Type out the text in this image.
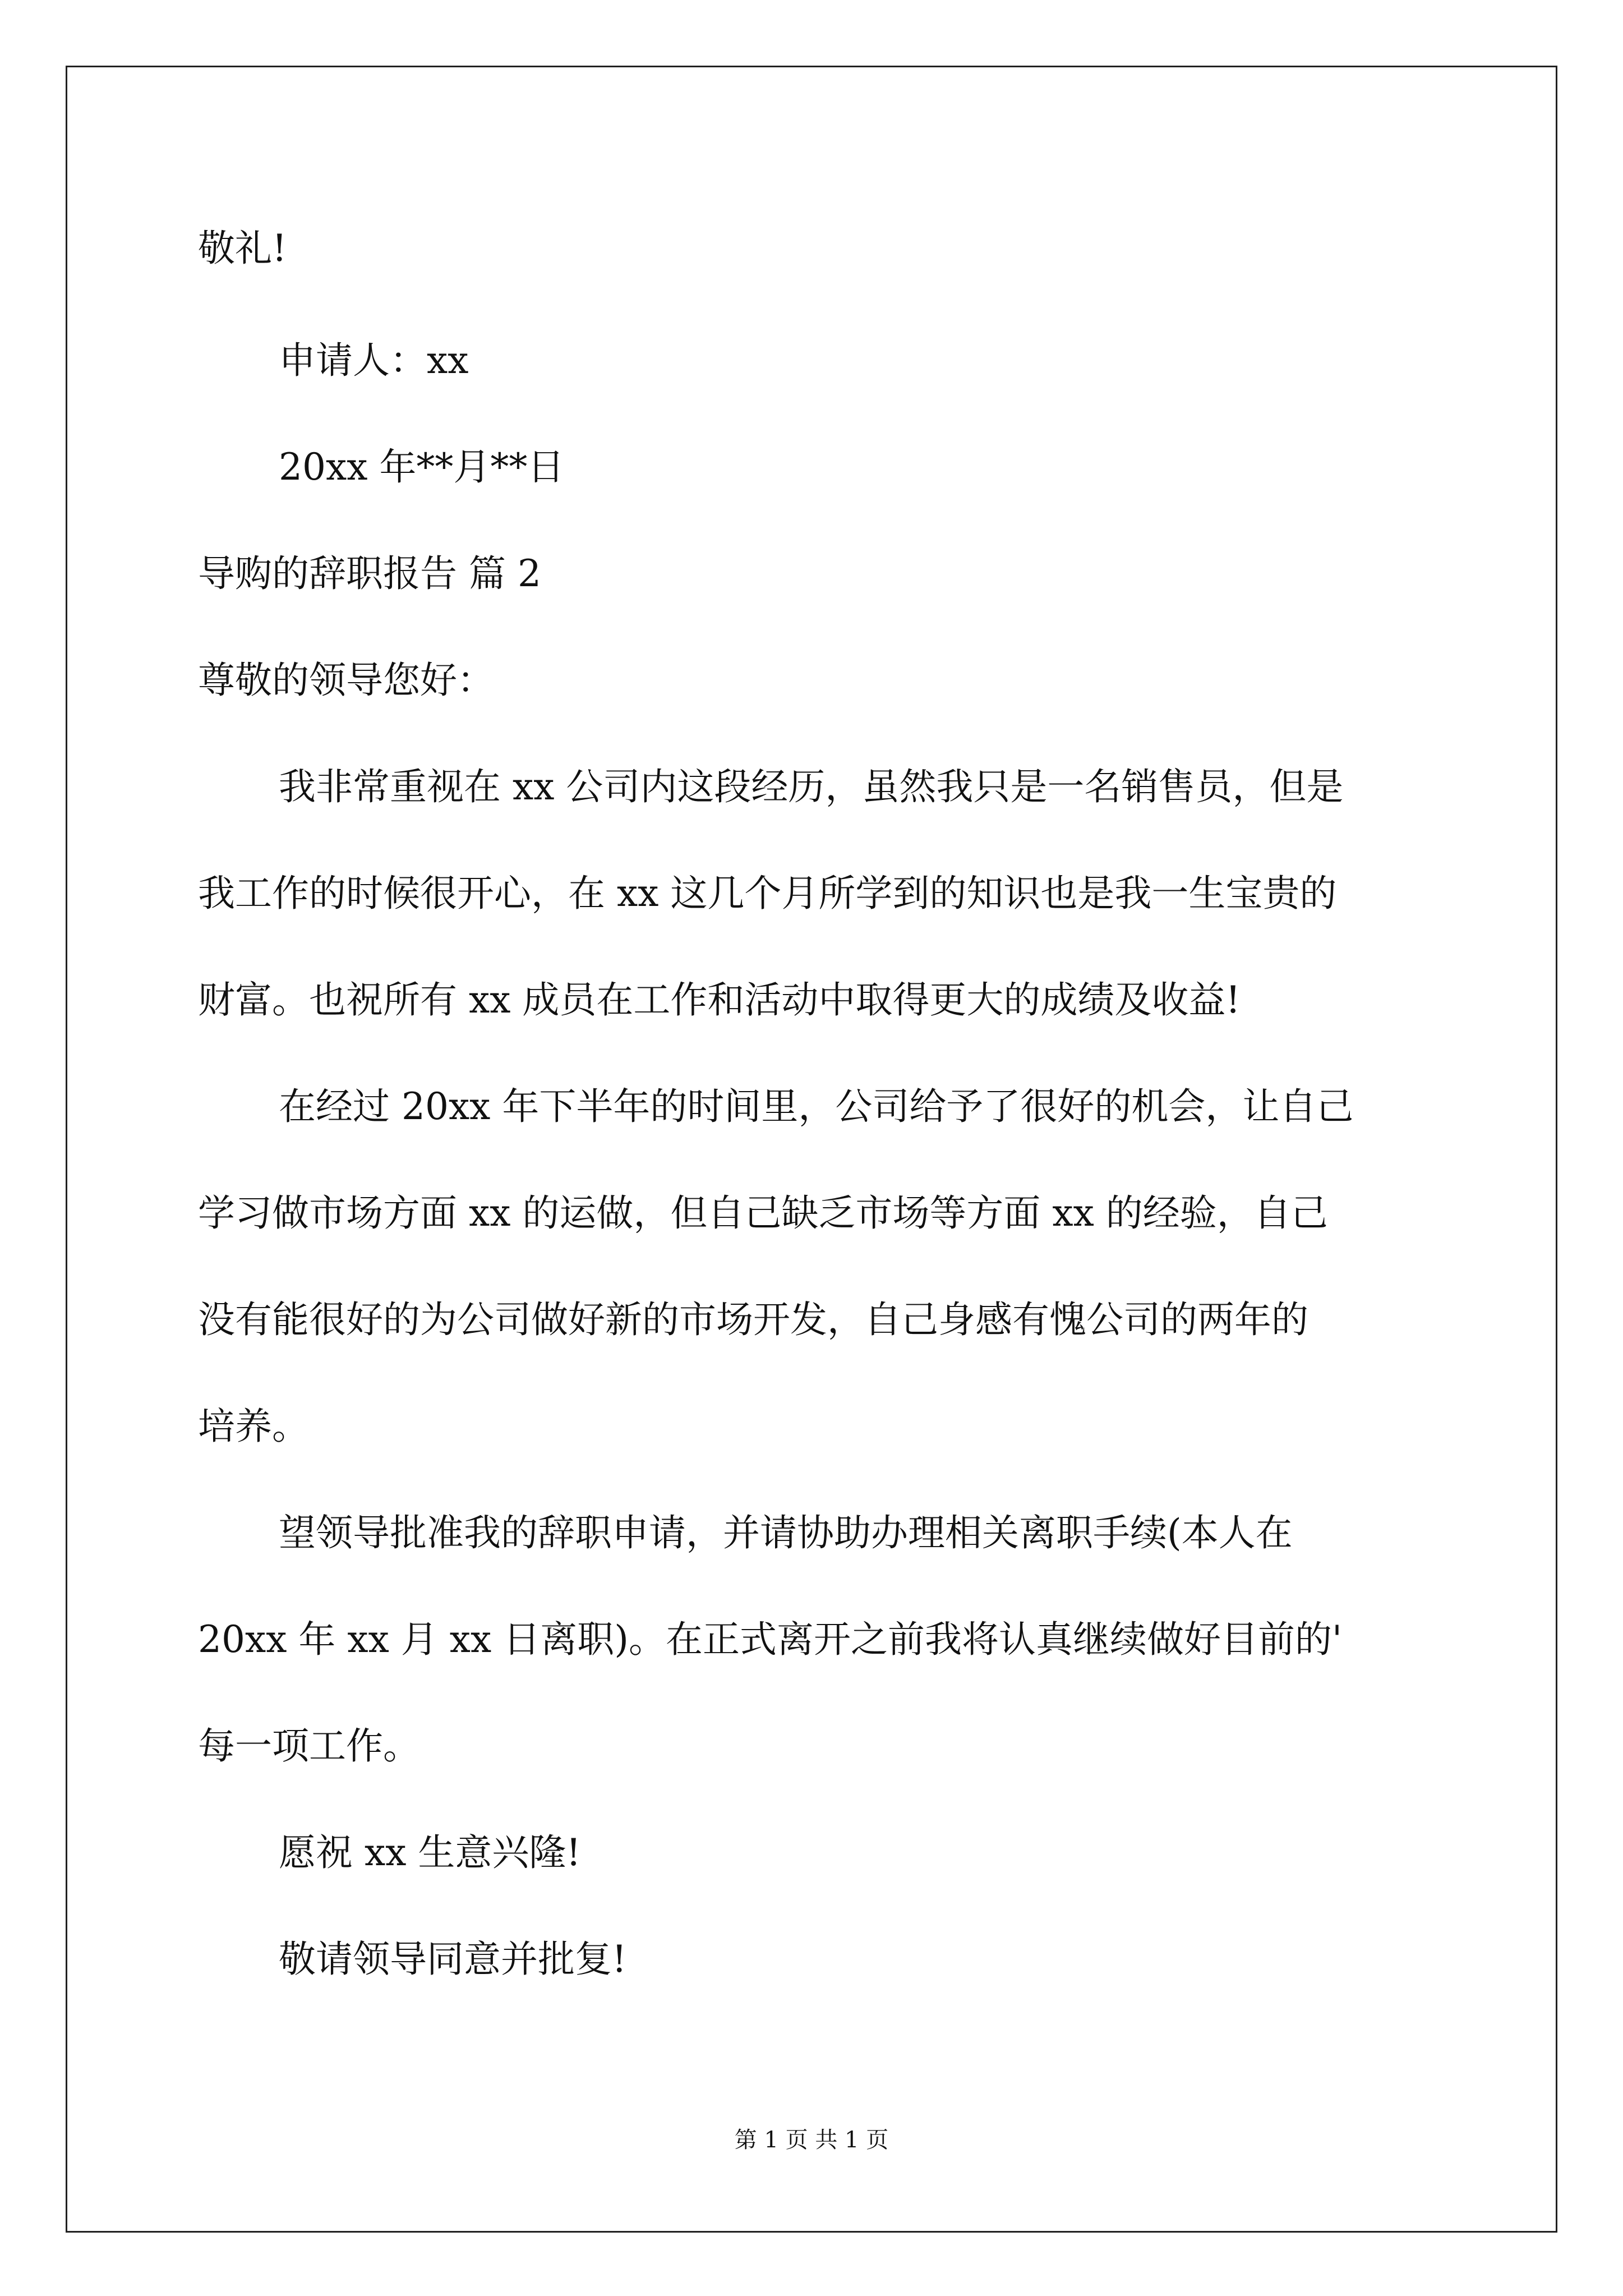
敬礼!
申请人：xx
20xx 年**月**日
导购的辞职报告 篇 2
尊敬的领导您好：
我非常重视在 xx 公司内这段经历，虽然我只是一名销售员，但是
我工作的时候很开心，在 xx 这几个月所学到的知识也是我一生宝贵的
财富。也祝所有 xx 成员在工作和活动中取得更大的成绩及收益!
在经过 20xx 年下半年的时间里，公司给予了很好的机会，让自己
学习做市场方面 xx 的运做，但自己缺乏市场等方面 xx 的经验，自己
没有能很好的为公司做好新的市场开发，自己身感有愧公司的两年的
培养。
望领导批准我的辞职申请，并请协助办理相关离职手续(本人在
20xx 年 xx 月 xx 日离职)。在正式离开之前我将认真继续做好目前的'
每一项工作。
愿祝 xx 生意兴隆!
敬请领导同意并批复!
第 1 页 共 1 页
